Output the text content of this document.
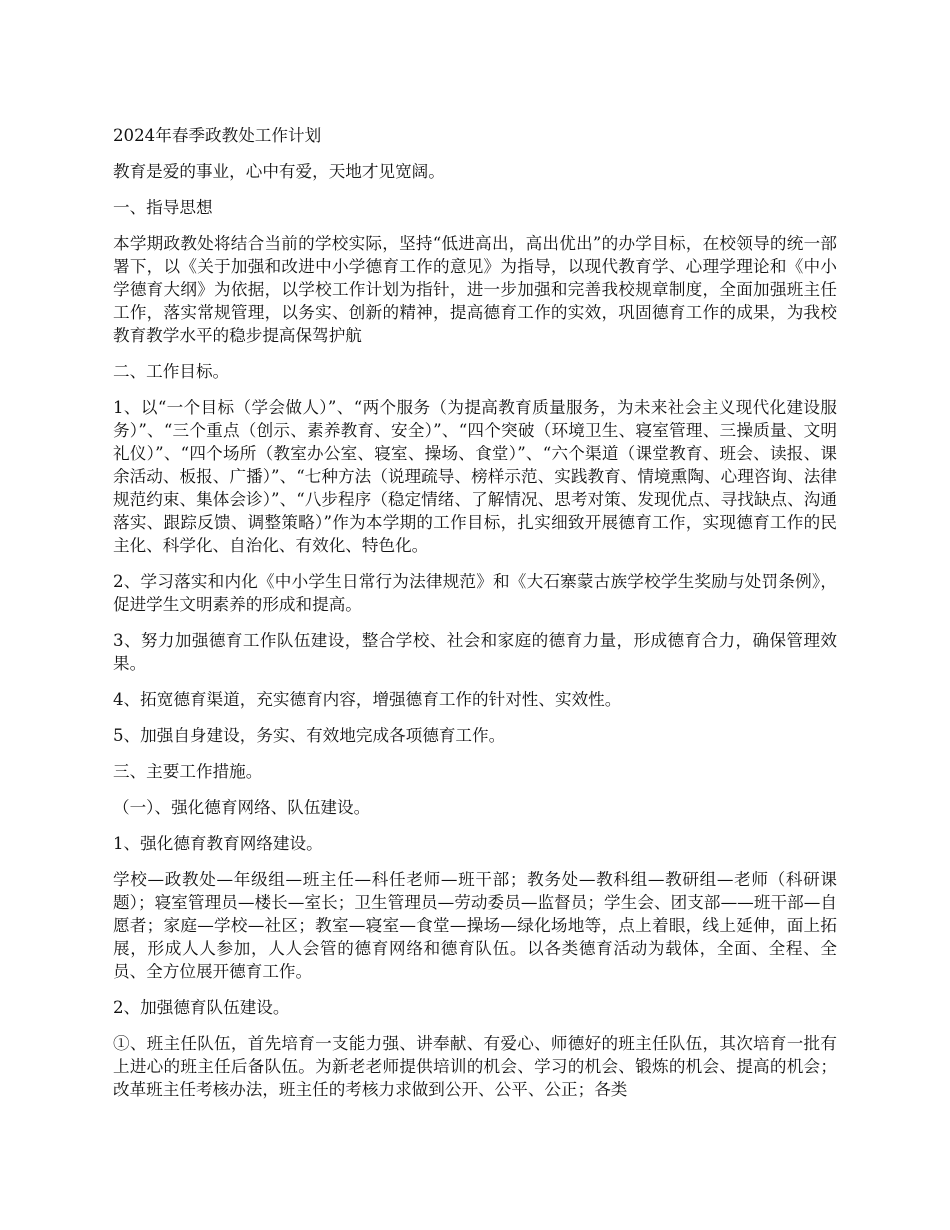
2024年春季政教处工作计划

教育是爱的事业，心中有爱，天地才见宽阔。

一、指导思想

本学期政教处将结合当前的学校实际，坚持“低进高出，高出优出”的办学目标，在校领导的统一部署下，以《关于加强和改进中小学德育工作的意见》为指导，以现代教育学、心理学理论和《中小学德育大纲》为依据，以学校工作计划为指针，进一步加强和完善我校规章制度，全面加强班主任工作，落实常规管理，以务实、创新的精神，提高德育工作的实效，巩固德育工作的成果，为我校教育教学水平的稳步提高保驾护航

二、工作目标。

1、以“一个目标（学会做人）”、“两个服务（为提高教育质量服务，为未来社会主义现代化建设服务）”、“三个重点（创示、素养教育、安全）”、“四个突破（环境卫生、寝室管理、三操质量、文明礼仪）”、“四个场所（教室办公室、寝室、操场、食堂）”、“六个渠道（课堂教育、班会、读报、课余活动、板报、广播）”、“七种方法（说理疏导、榜样示范、实践教育、情境熏陶、心理咨询、法律规范约束、集体会诊）”、“八步程序（稳定情绪、了解情况、思考对策、发现优点、寻找缺点、沟通落实、跟踪反馈、调整策略）”作为本学期的工作目标，扎实细致开展德育工作，实现德育工作的民主化、科学化、自治化、有效化、特色化。

2、学习落实和内化《中小学生日常行为法律规范》和《大石寨蒙古族学校学生奖励与处罚条例》，促进学生文明素养的形成和提高。

3、努力加强德育工作队伍建设，整合学校、社会和家庭的德育力量，形成德育合力，确保管理效果。

4、拓宽德育渠道，充实德育内容，增强德育工作的针对性、实效性。

5、加强自身建设，务实、有效地完成各项德育工作。

三、主要工作措施。

（一）、强化德育网络、队伍建设。

1、强化德育教育网络建设。

学校—政教处—年级组—班主任—科任老师—班干部；教务处—教科组—教研组—老师（科研课题）；寝室管理员—楼长—室长；卫生管理员—劳动委员—监督员；学生会、团支部——班干部—自愿者；家庭—学校—社区；教室—寝室—食堂—操场—绿化场地等，点上着眼，线上延伸，面上拓展，形成人人参加，人人会管的德育网络和德育队伍。以各类德育活动为载体，全面、全程、全员、全方位展开德育工作。

2、加强德育队伍建设。

①、班主任队伍，首先培育一支能力强、讲奉献、有爱心、师德好的班主任队伍，其次培育一批有上进心的班主任后备队伍。为新老老师提供培训的机会、学习的机会、锻炼的机会、提高的机会；改革班主任考核办法，班主任的考核力求做到公开、公平、公正；各类
